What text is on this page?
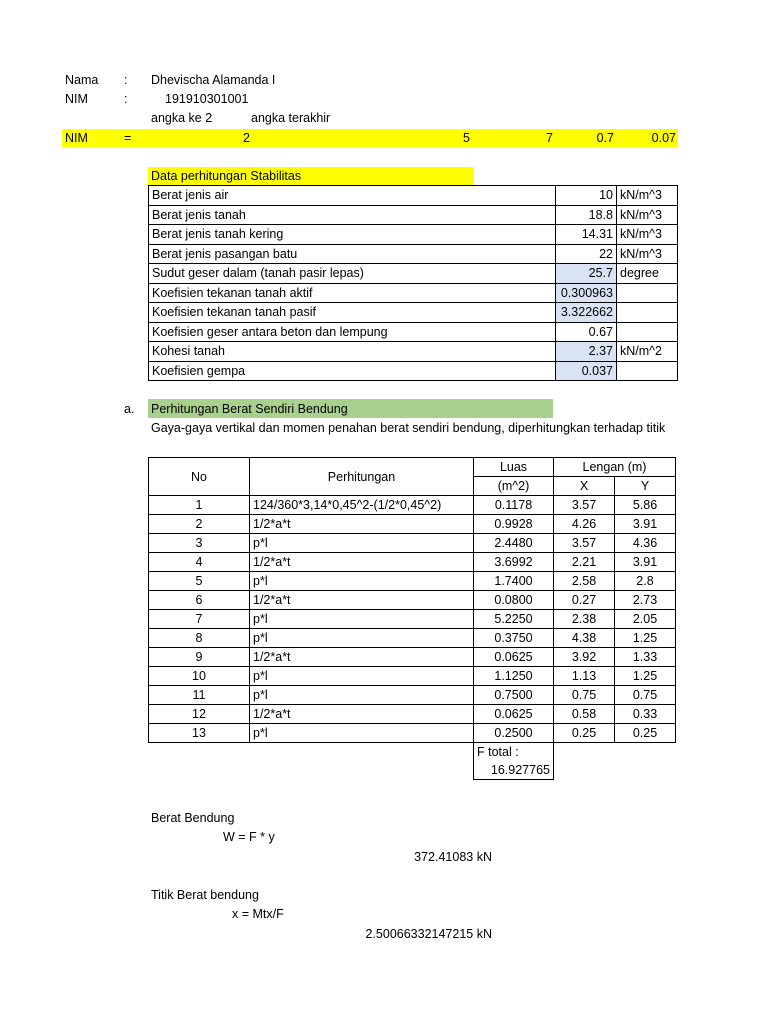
Nama : Dhevischa Alamanda I
NIM	:	191910301001
angka ke 2	angka terakhir
NIM	=	2	5	7	0.7	0.07
Data perhitungan Stabilitas
Berat jenis air	10	kN/m^3
Berat jenis tanah	18.8	kN/m^3
Berat jenis tanah kering	14.31	kN/m^3
Berat jenis pasangan batu	22	kN/m^3
Sudut geser dalam (tanah pasir lepas)	25.7	degree
Koefisien tekanan tanah aktif	0.300963	
Koefisien tekanan tanah pasif	3.322662	
Koefisien geser antara beton dan lempung	0.67	
Kohesi tanah	2.37	kN/m^2
Koefisien gempa	0.037	
a. Perhitungan Berat Sendiri Bendung
Gaya-gaya vertikal dan momen penahan berat sendiri bendung, diperhitungkan terhadap titik
No	Perhitungan	Luas	Lengan (m)	
		(m^2)	X	Y
1	124/360*3,14*0,45^2-(1/2*0,45^2)	0.1178	3.57	5.86
2	1/2*a*t	0.9928	4.26	3.91
3	p*l	2.4480	3.57	4.36
4	1/2*a*t	3.6992	2.21	3.91
5	p*l	1.7400	2.58	2.8
6	1/2*a*t	0.0800	0.27	2.73
7	p*l	5.2250	2.38	2.05
8	p*l	0.3750	4.38	1.25
9	1/2*a*t	0.0625	3.92	1.33
10	p*l	1.1250	1.13	1.25
11	p*l	0.7500	0.75	0.75
12	1/2*a*t	0.0625	0.58	0.33
13	p*l	0.2500	0.25	0.25
		F total :		
		16.927765		
Berat Bendung
W = F * y
372.41083 kN
Titik Berat bendung
x = Mtx/F
2.50066332147215 kN
